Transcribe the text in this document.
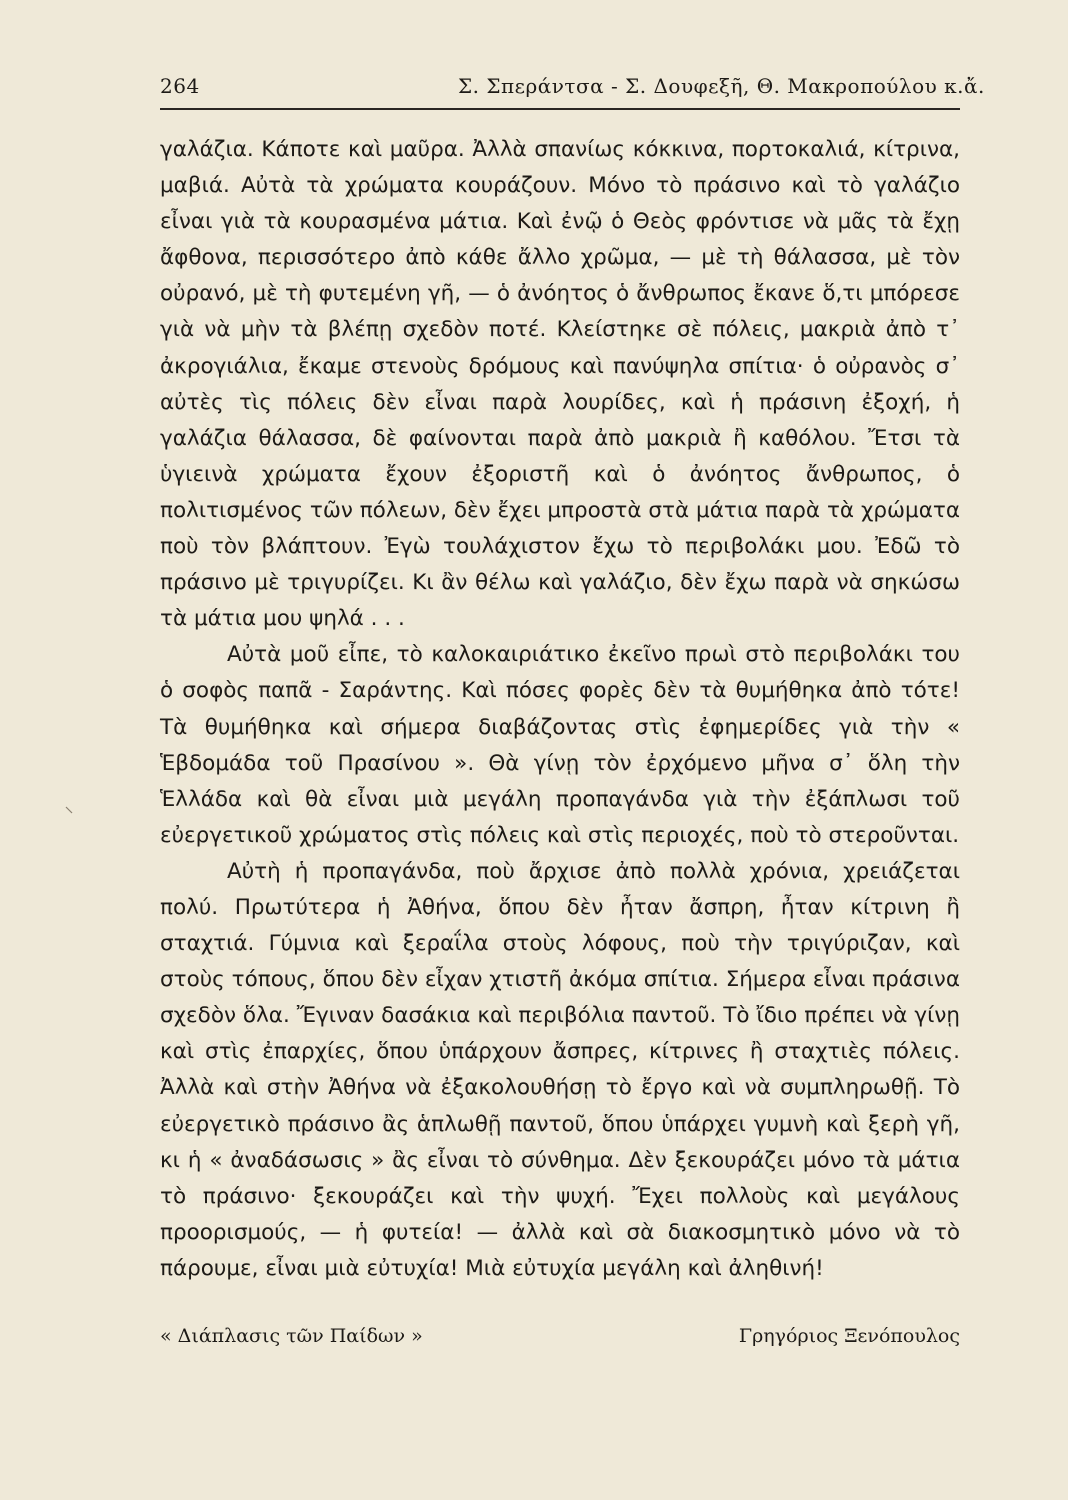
264	Σ. Σπεράντσα - Σ. Δουφεξῆ, Θ. Μακροπούλου κ.ἄ.

γαλάζια. Κάποτε καὶ μαῦρα. Ἀλλὰ σπανίως κόκκινα, πορτοκαλιά, κίτρινα, μαβιά. Αὐτὰ τὰ χρώματα κουράζουν. Μόνο τὸ πράσινο καὶ τὸ γαλάζιο εἶναι γιὰ τὰ κουρασμένα μάτια. Καὶ ἐνῷ ὁ Θεὸς φρόντισε νὰ μᾶς τὰ ἔχῃ ἄφθονα, περισσότερο ἀπὸ κάθε ἄλλο χρῶμα, — μὲ τὴ θάλασσα, μὲ τὸν οὐρανό, μὲ τὴ φυτεμένη γῆ, — ὁ ἀνόητος ὁ ἄνθρωπος ἔκανε ὅ,τι μπόρεσε γιὰ νὰ μὴν τὰ βλέπῃ σχεδὸν ποτέ. Κλείστηκε σὲ πόλεις, μακριὰ ἀπὸ τ᾿ ἀκρογιάλια, ἔκαμε στενοὺς δρόμους καὶ πανύψηλα σπίτια· ὁ οὐρανὸς σ᾿ αὐτὲς τὶς πόλεις δὲν εἶναι παρὰ λουρίδες, καὶ ἡ πράσινη ἐξοχή, ἡ γαλάζια θάλασσα, δὲ φαίνονται παρὰ ἀπὸ μακριὰ ἢ καθόλου. Ἔτσι τὰ ὑγιεινὰ χρώματα ἔχουν ἐξοριστῆ καὶ ὁ ἀνόητος ἄνθρωπος, ὁ πολιτισμένος τῶν πόλεων, δὲν ἔχει μπροστὰ στὰ μάτια παρὰ τὰ χρώματα ποὺ τὸν βλάπτουν. Ἐγὼ τουλάχιστον ἔχω τὸ περιβολάκι μου. Ἐδῶ τὸ πράσινο μὲ τριγυρίζει. Κι ἂν θέλω καὶ γαλάζιο, δὲν ἔχω παρὰ νὰ σηκώσω τὰ μάτια μου ψηλά . . .

Αὐτὰ μοῦ εἶπε, τὸ καλοκαιριάτικο ἐκεῖνο πρωὶ στὸ περιβολάκι του ὁ σοφὸς παπᾶ - Σαράντης. Καὶ πόσες φορὲς δὲν τὰ θυμήθηκα ἀπὸ τότε! Τὰ θυμήθηκα καὶ σήμερα διαβάζοντας στὶς ἐφημερίδες γιὰ τὴν « Ἑβδομάδα τοῦ Πρασίνου ». Θὰ γίνῃ τὸν ἐρχόμενο μῆνα σ᾿ ὅλη τὴν Ἑλλάδα καὶ θὰ εἶναι μιὰ μεγάλη προπαγάνδα γιὰ τὴν ἐξάπλωσι τοῦ εὐεργετικοῦ χρώματος στὶς πόλεις καὶ στὶς περιοχές, ποὺ τὸ στεροῦνται.

Αὐτὴ ἡ προπαγάνδα, ποὺ ἄρχισε ἀπὸ πολλὰ χρόνια, χρειάζεται πολύ. Πρωτύτερα ἡ Ἀθήνα, ὅπου δὲν ἦταν ἄσπρη, ἦταν κίτρινη ἢ σταχτιά. Γύμνια καὶ ξεραΐλα στοὺς λόφους, ποὺ τὴν τριγύριζαν, καὶ στοὺς τόπους, ὅπου δὲν εἶχαν χτιστῆ ἀκόμα σπίτια. Σήμερα εἶναι πράσινα σχεδὸν ὅλα. Ἔγιναν δασάκια καὶ περιβόλια παντοῦ. Τὸ ἴδιο πρέπει νὰ γίνῃ καὶ στὶς ἐπαρχίες, ὅπου ὑπάρχουν ἄσπρες, κίτρινες ἢ σταχτιὲς πόλεις. Ἀλλὰ καὶ στὴν Ἀθήνα νὰ ἐξακολουθήσῃ τὸ ἔργο καὶ νὰ συμπληρωθῇ. Τὸ εὐεργετικὸ πράσινο ἂς ἁπλωθῇ παντοῦ, ὅπου ὑπάρχει γυμνὴ καὶ ξερὴ γῆ, κι ἡ « ἀναδάσωσις » ἂς εἶναι τὸ σύνθημα. Δὲν ξεκουράζει μόνο τὰ μάτια τὸ πράσινο· ξεκουράζει καὶ τὴν ψυχή. Ἔχει πολλοὺς καὶ μεγάλους προορισμούς, — ἡ φυτεία! — ἀλλὰ καὶ σὰ διακοσμητικὸ μόνο νὰ τὸ πάρουμε, εἶναι μιὰ εὐτυχία! Μιὰ εὐτυχία μεγάλη καὶ ἀληθινή!

« Διάπλασις τῶν Παίδων »	Γρηγόριος Ξενόπουλος
